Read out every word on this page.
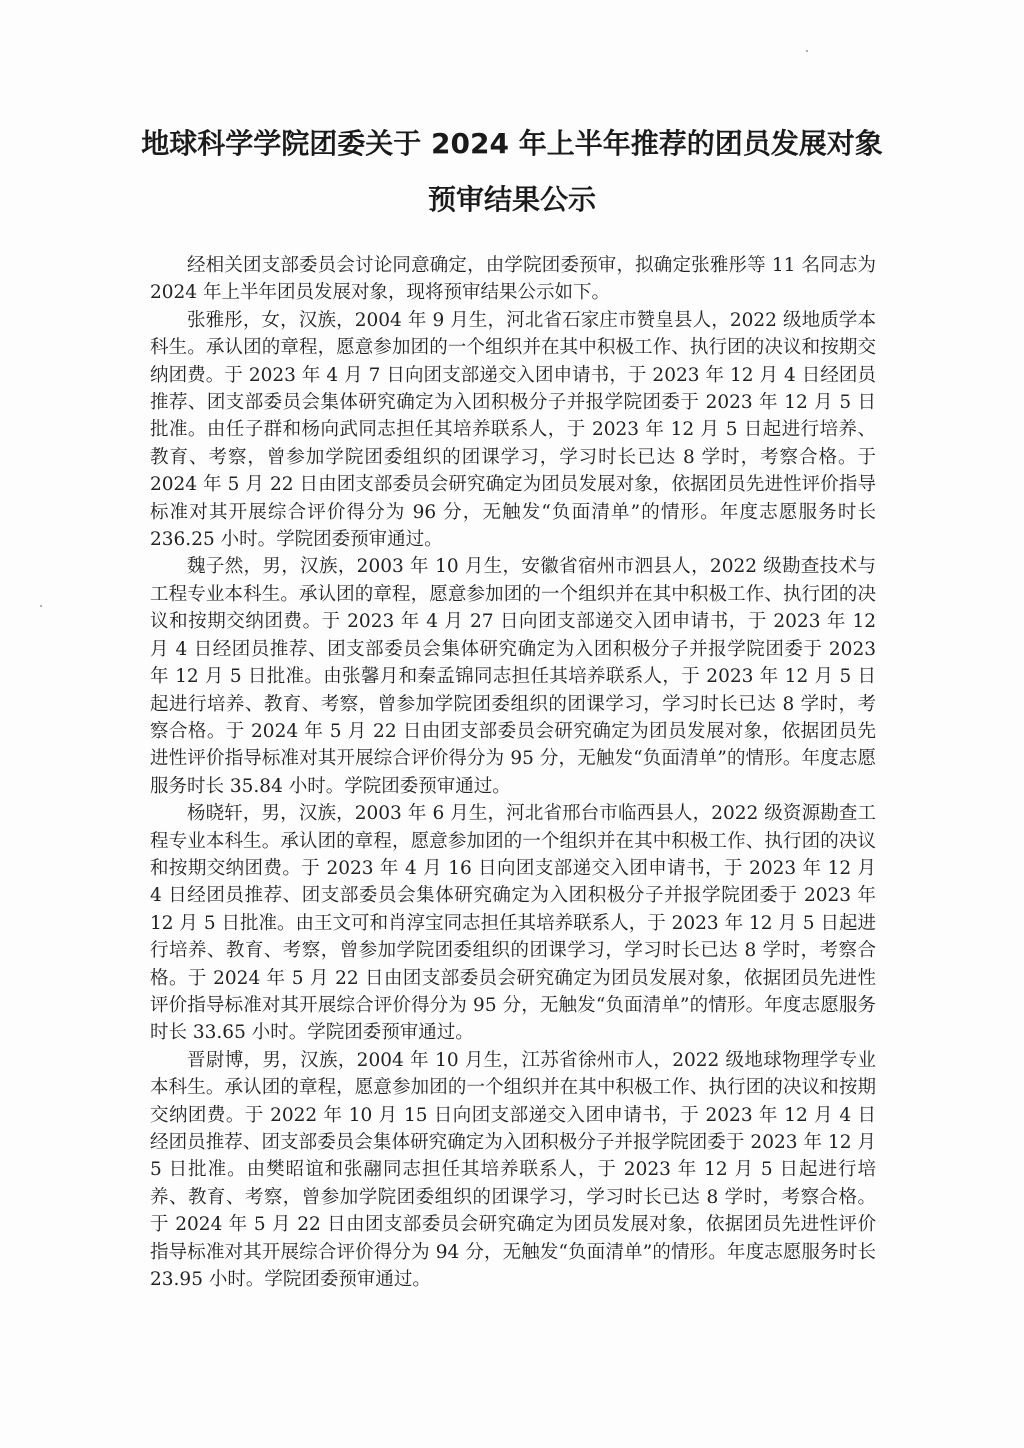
地球科学学院团委关于 2024 年上半年推荐的团员发展对象
预审结果公示

经相关团支部委员会讨论同意确定，由学院团委预审，拟确定张雅彤等 11 名同志为 2024 年上半年团员发展对象，现将预审结果公示如下。

张雅彤，女，汉族，2004 年 9 月生，河北省石家庄市赞皇县人，2022 级地质学本科生。承认团的章程，愿意参加团的一个组织并在其中积极工作、执行团的决议和按期交纳团费。于 2023 年 4 月 7 日向团支部递交入团申请书，于 2023 年 12 月 4 日经团员推荐、团支部委员会集体研究确定为入团积极分子并报学院团委于 2023 年 12 月 5 日批准。由任子群和杨向武同志担任其培养联系人，于 2023 年 12 月 5 日起进行培养、教育、考察，曾参加学院团委组织的团课学习，学习时长已达 8 学时，考察合格。于 2024 年 5 月 22 日由团支部委员会研究确定为团员发展对象，依据团员先进性评价指导标准对其开展综合评价得分为 96 分，无触发“负面清单”的情形。年度志愿服务时长 236.25 小时。学院团委预审通过。

魏子然，男，汉族，2003 年 10 月生，安徽省宿州市泗县人，2022 级勘查技术与工程专业本科生。承认团的章程，愿意参加团的一个组织并在其中积极工作、执行团的决议和按期交纳团费。于 2023 年 4 月 27 日向团支部递交入团申请书，于 2023 年 12 月 4 日经团员推荐、团支部委员会集体研究确定为入团积极分子并报学院团委于 2023 年 12 月 5 日批准。由张馨月和秦孟锦同志担任其培养联系人，于 2023 年 12 月 5 日起进行培养、教育、考察，曾参加学院团委组织的团课学习，学习时长已达 8 学时，考察合格。于 2024 年 5 月 22 日由团支部委员会研究确定为团员发展对象，依据团员先进性评价指导标准对其开展综合评价得分为 95 分，无触发“负面清单”的情形。年度志愿服务时长 35.84 小时。学院团委预审通过。

杨晓轩，男，汉族，2003 年 6 月生，河北省邢台市临西县人，2022 级资源勘查工程专业本科生。承认团的章程，愿意参加团的一个组织并在其中积极工作、执行团的决议和按期交纳团费。于 2023 年 4 月 16 日向团支部递交入团申请书，于 2023 年 12 月 4 日经团员推荐、团支部委员会集体研究确定为入团积极分子并报学院团委于 2023 年 12 月 5 日批准。由王文可和肖淳宝同志担任其培养联系人，于 2023 年 12 月 5 日起进行培养、教育、考察，曾参加学院团委组织的团课学习，学习时长已达 8 学时，考察合格。于 2024 年 5 月 22 日由团支部委员会研究确定为团员发展对象，依据团员先进性评价指导标准对其开展综合评价得分为 95 分，无触发“负面清单”的情形。年度志愿服务时长 33.65 小时。学院团委预审通过。

晋尉博，男，汉族，2004 年 10 月生，江苏省徐州市人，2022 级地球物理学专业本科生。承认团的章程，愿意参加团的一个组织并在其中积极工作、执行团的决议和按期交纳团费。于 2022 年 10 月 15 日向团支部递交入团申请书，于 2023 年 12 月 4 日经团员推荐、团支部委员会集体研究确定为入团积极分子并报学院团委于 2023 年 12 月 5 日批准。由樊昭谊和张翮同志担任其培养联系人，于 2023 年 12 月 5 日起进行培养、教育、考察，曾参加学院团委组织的团课学习，学习时长已达 8 学时，考察合格。于 2024 年 5 月 22 日由团支部委员会研究确定为团员发展对象，依据团员先进性评价指导标准对其开展综合评价得分为 94 分，无触发“负面清单”的情形。年度志愿服务时长 23.95 小时。学院团委预审通过。
